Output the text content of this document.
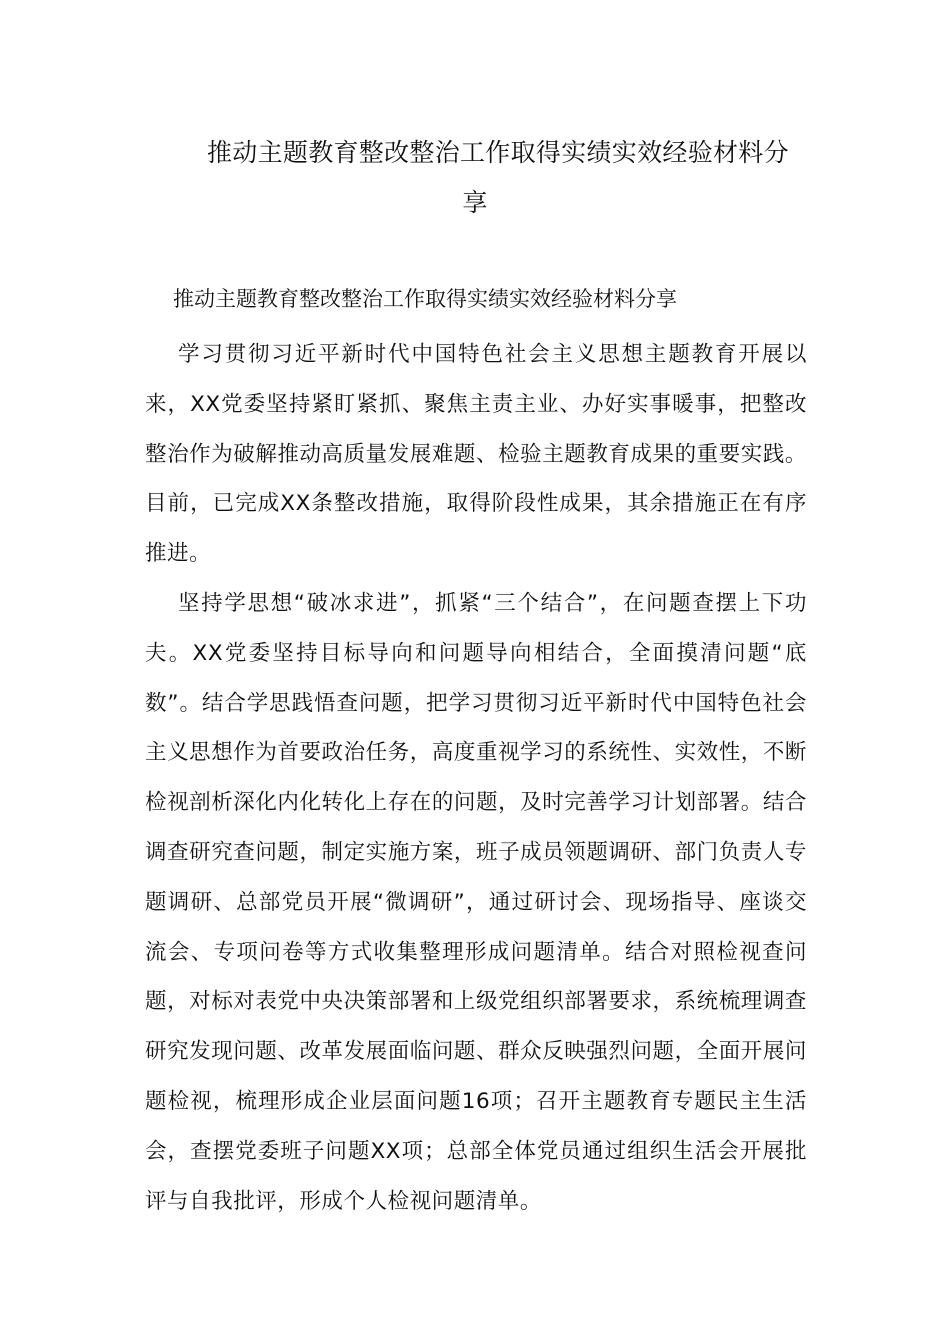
推动主题教育整改整治工作取得实绩实效经验材料分
享

推动主题教育整改整治工作取得实绩实效经验材料分享

学习贯彻习近平新时代中国特色社会主义思想主题教育开展以来，XX党委坚持紧盯紧抓、聚焦主责主业、办好实事暖事，把整改整治作为破解推动高质量发展难题、检验主题教育成果的重要实践。目前，已完成XX条整改措施，取得阶段性成果，其余措施正在有序推进。

坚持学思想“破冰求进”，抓紧“三个结合”，在问题查摆上下功夫。XX党委坚持目标导向和问题导向相结合，全面摸清问题“底数”。结合学思践悟查问题，把学习贯彻习近平新时代中国特色社会主义思想作为首要政治任务，高度重视学习的系统性、实效性，不断检视剖析深化内化转化上存在的问题，及时完善学习计划部署。结合调查研究查问题，制定实施方案，班子成员领题调研、部门负责人专题调研、总部党员开展“微调研”，通过研讨会、现场指导、座谈交流会、专项问卷等方式收集整理形成问题清单。结合对照检视查问题，对标对表党中央决策部署和上级党组织部署要求，系统梳理调查研究发现问题、改革发展面临问题、群众反映强烈问题，全面开展问题检视，梳理形成企业层面问题16项；召开主题教育专题民主生活会，查摆党委班子问题XX项；总部全体党员通过组织生活会开展批评与自我批评，形成个人检视问题清单。
